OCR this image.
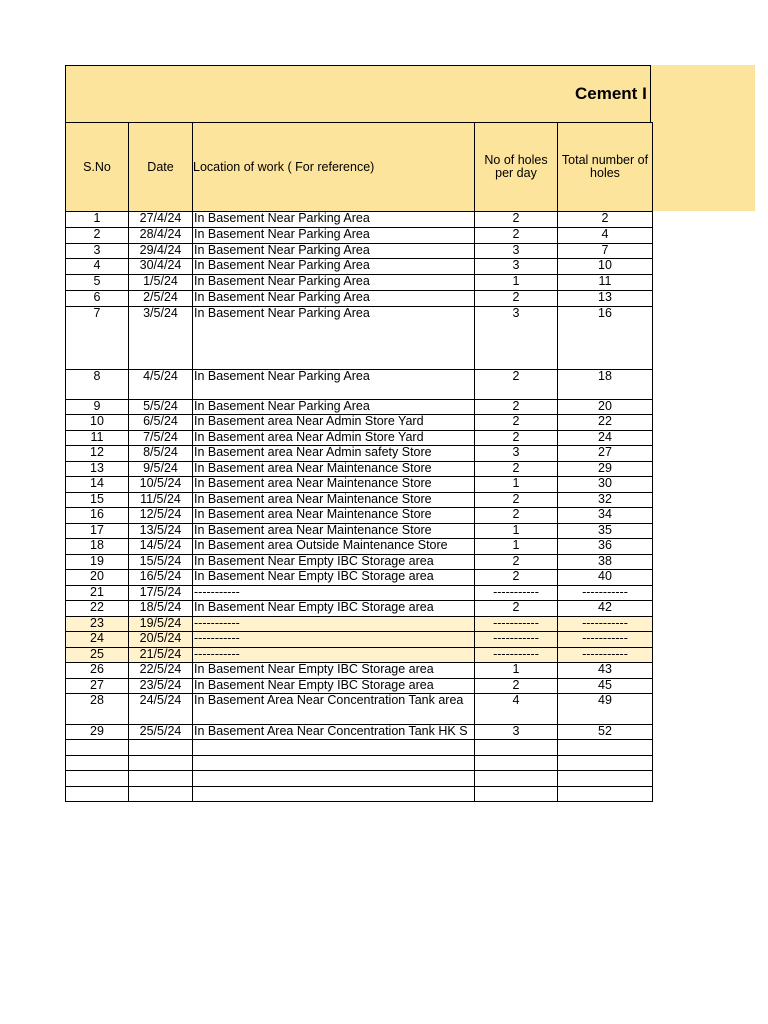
Cement I
S.No	Date	Location of work ( For reference)	No of holes per day	Total number of holes
1	27/4/24	In Basement Near Parking Area	2	2
2	28/4/24	In Basement Near Parking Area	2	4
3	29/4/24	In Basement Near Parking Area	3	7
4	30/4/24	In Basement Near Parking Area	3	10
5	1/5/24	In Basement Near Parking Area	1	11
6	2/5/24	In Basement Near Parking Area	2	13
7	3/5/24	In Basement Near Parking Area	3	16
8	4/5/24	In Basement Near Parking Area	2	18
9	5/5/24	In Basement Near Parking Area	2	20
10	6/5/24	In Basement area Near Admin Store Yard	2	22
11	7/5/24	In Basement area Near Admin Store Yard	2	24
12	8/5/24	In Basement area Near Admin safety Store	3	27
13	9/5/24	In Basement area Near Maintenance Store	2	29
14	10/5/24	In Basement area Near Maintenance Store	1	30
15	11/5/24	In Basement area Near Maintenance Store	2	32
16	12/5/24	In Basement area Near Maintenance Store	2	34
17	13/5/24	In Basement area Near Maintenance Store	1	35
18	14/5/24	In Basement area Outside Maintenance Store	1	36
19	15/5/24	In Basement Near Empty IBC Storage area	2	38
20	16/5/24	In Basement Near Empty IBC Storage area	2	40
21	17/5/24	-----------	-----------	-----------
22	18/5/24	In Basement Near Empty IBC Storage area	2	42
23	19/5/24	-----------	-----------	-----------
24	20/5/24	-----------	-----------	-----------
25	21/5/24	-----------	-----------	-----------
26	22/5/24	In Basement Near Empty IBC Storage area	1	43
27	23/5/24	In Basement Near Empty IBC Storage area	2	45
28	24/5/24	In Basement Area Near Concentration Tank area	4	49
29	25/5/24	In Basement Area Near Concentration Tank HK S	3	52
